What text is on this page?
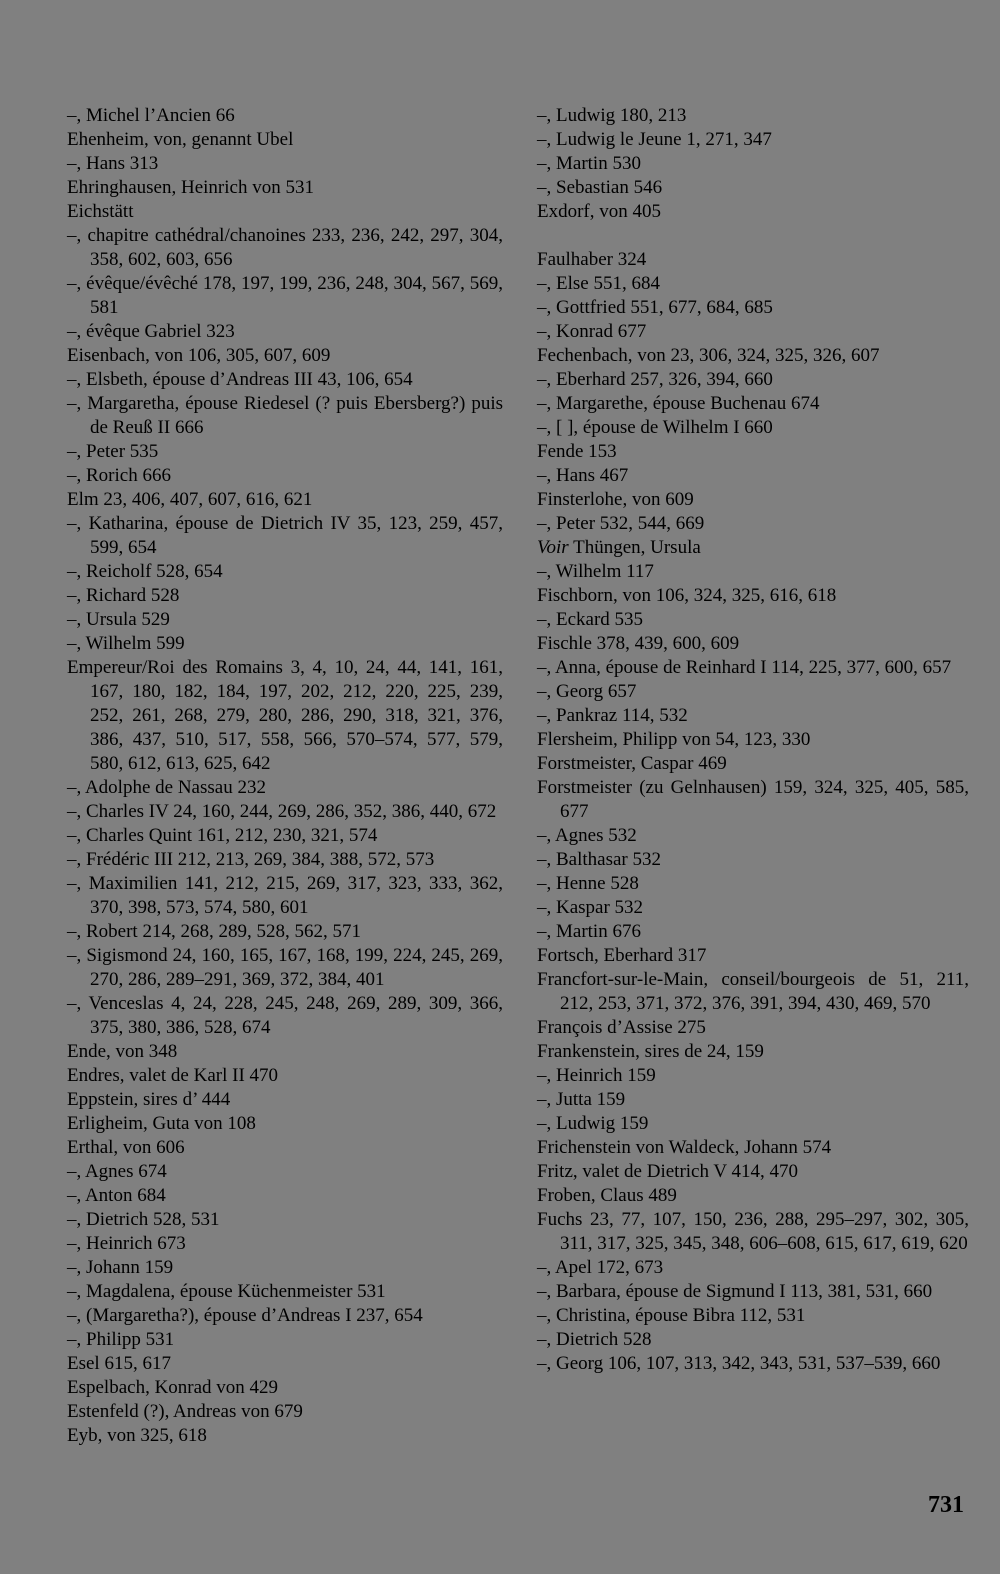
–, Michel l’Ancien 66

Ehenheim, von, genannt Ubel

–, Hans 313

Ehringhausen, Heinrich von 531

Eichstätt

–, chapitre cathédral/chanoines 233, 236, 242, 297, 304, 358, 602, 603, 656

–, évêque/évêché 178, 197, 199, 236, 248, 304, 567, 569, 581

–, évêque Gabriel 323

Eisenbach, von 106, 305, 607, 609

–, Elsbeth, épouse d’Andreas III 43, 106, 654

–, Margaretha, épouse Riedesel (? puis Ebersberg?) puis de Reuß II 666

–, Peter 535

–, Rorich 666

Elm 23, 406, 407, 607, 616, 621

–, Katharina, épouse de Dietrich IV 35, 123, 259, 457, 599, 654

–, Reicholf 528, 654

–, Richard 528

–, Ursula 529

–, Wilhelm 599

Empereur/Roi des Romains 3, 4, 10, 24, 44, 141, 161, 167, 180, 182, 184, 197, 202, 212, 220, 225, 239, 252, 261, 268, 279, 280, 286, 290, 318, 321, 376, 386, 437, 510, 517, 558, 566, 570–574, 577, 579, 580, 612, 613, 625, 642

–, Adolphe de Nassau 232

–, Charles IV 24, 160, 244, 269, 286, 352, 386, 440, 672

–, Charles Quint 161, 212, 230, 321, 574

–, Frédéric III 212, 213, 269, 384, 388, 572, 573

–, Maximilien 141, 212, 215, 269, 317, 323, 333, 362, 370, 398, 573, 574, 580, 601

–, Robert 214, 268, 289, 528, 562, 571

–, Sigismond 24, 160, 165, 167, 168, 199, 224, 245, 269, 270, 286, 289–291, 369, 372, 384, 401

–, Venceslas 4, 24, 228, 245, 248, 269, 289, 309, 366, 375, 380, 386, 528, 674

Ende, von 348

Endres, valet de Karl II 470

Eppstein, sires d’ 444

Erligheim, Guta von 108

Erthal, von 606

–, Agnes 674

–, Anton 684

–, Dietrich 528, 531

–, Heinrich 673

–, Johann 159

–, Magdalena, épouse Küchenmeister 531

–, (Margaretha?), épouse d’Andreas I 237, 654

–, Philipp 531

Esel 615, 617

Espelbach, Konrad von 429

Estenfeld (?), Andreas von 679

Eyb, von 325, 618

–, Ludwig 180, 213

–, Ludwig le Jeune 1, 271, 347

–, Martin 530

–, Sebastian 546

Exdorf, von 405

Faulhaber 324

–, Else 551, 684

–, Gottfried 551, 677, 684, 685

–, Konrad 677

Fechenbach, von 23, 306, 324, 325, 326, 607

–, Eberhard 257, 326, 394, 660

–, Margarethe, épouse Buchenau 674

–, [ ], épouse de Wilhelm I 660

Fende 153

–, Hans 467

Finsterlohe, von 609

–, Peter 532, 544, 669

Voir Thüngen, Ursula

–, Wilhelm 117

Fischborn, von 106, 324, 325, 616, 618

–, Eckard 535

Fischle 378, 439, 600, 609

–, Anna, épouse de Reinhard I 114, 225, 377, 600, 657

–, Georg 657

–, Pankraz 114, 532

Flersheim, Philipp von 54, 123, 330

Forstmeister, Caspar 469

Forstmeister (zu Gelnhausen) 159, 324, 325, 405, 585, 677

–, Agnes 532

–, Balthasar 532

–, Henne 528

–, Kaspar 532

–, Martin 676

Fortsch, Eberhard 317

Francfort-sur-le-Main, conseil/bourgeois de 51, 211, 212, 253, 371, 372, 376, 391, 394, 430, 469, 570

François d’Assise 275

Frankenstein, sires de 24, 159

–, Heinrich 159

–, Jutta 159

–, Ludwig 159

Frichenstein von Waldeck, Johann 574

Fritz, valet de Dietrich V 414, 470

Froben, Claus 489

Fuchs 23, 77, 107, 150, 236, 288, 295–297, 302, 305, 311, 317, 325, 345, 348, 606–608, 615, 617, 619, 620

–, Apel 172, 673

–, Barbara, épouse de Sigmund I 113, 381, 531, 660

–, Christina, épouse Bibra 112, 531

–, Dietrich 528

–, Georg 106, 107, 313, 342, 343, 531, 537–539, 660

731
